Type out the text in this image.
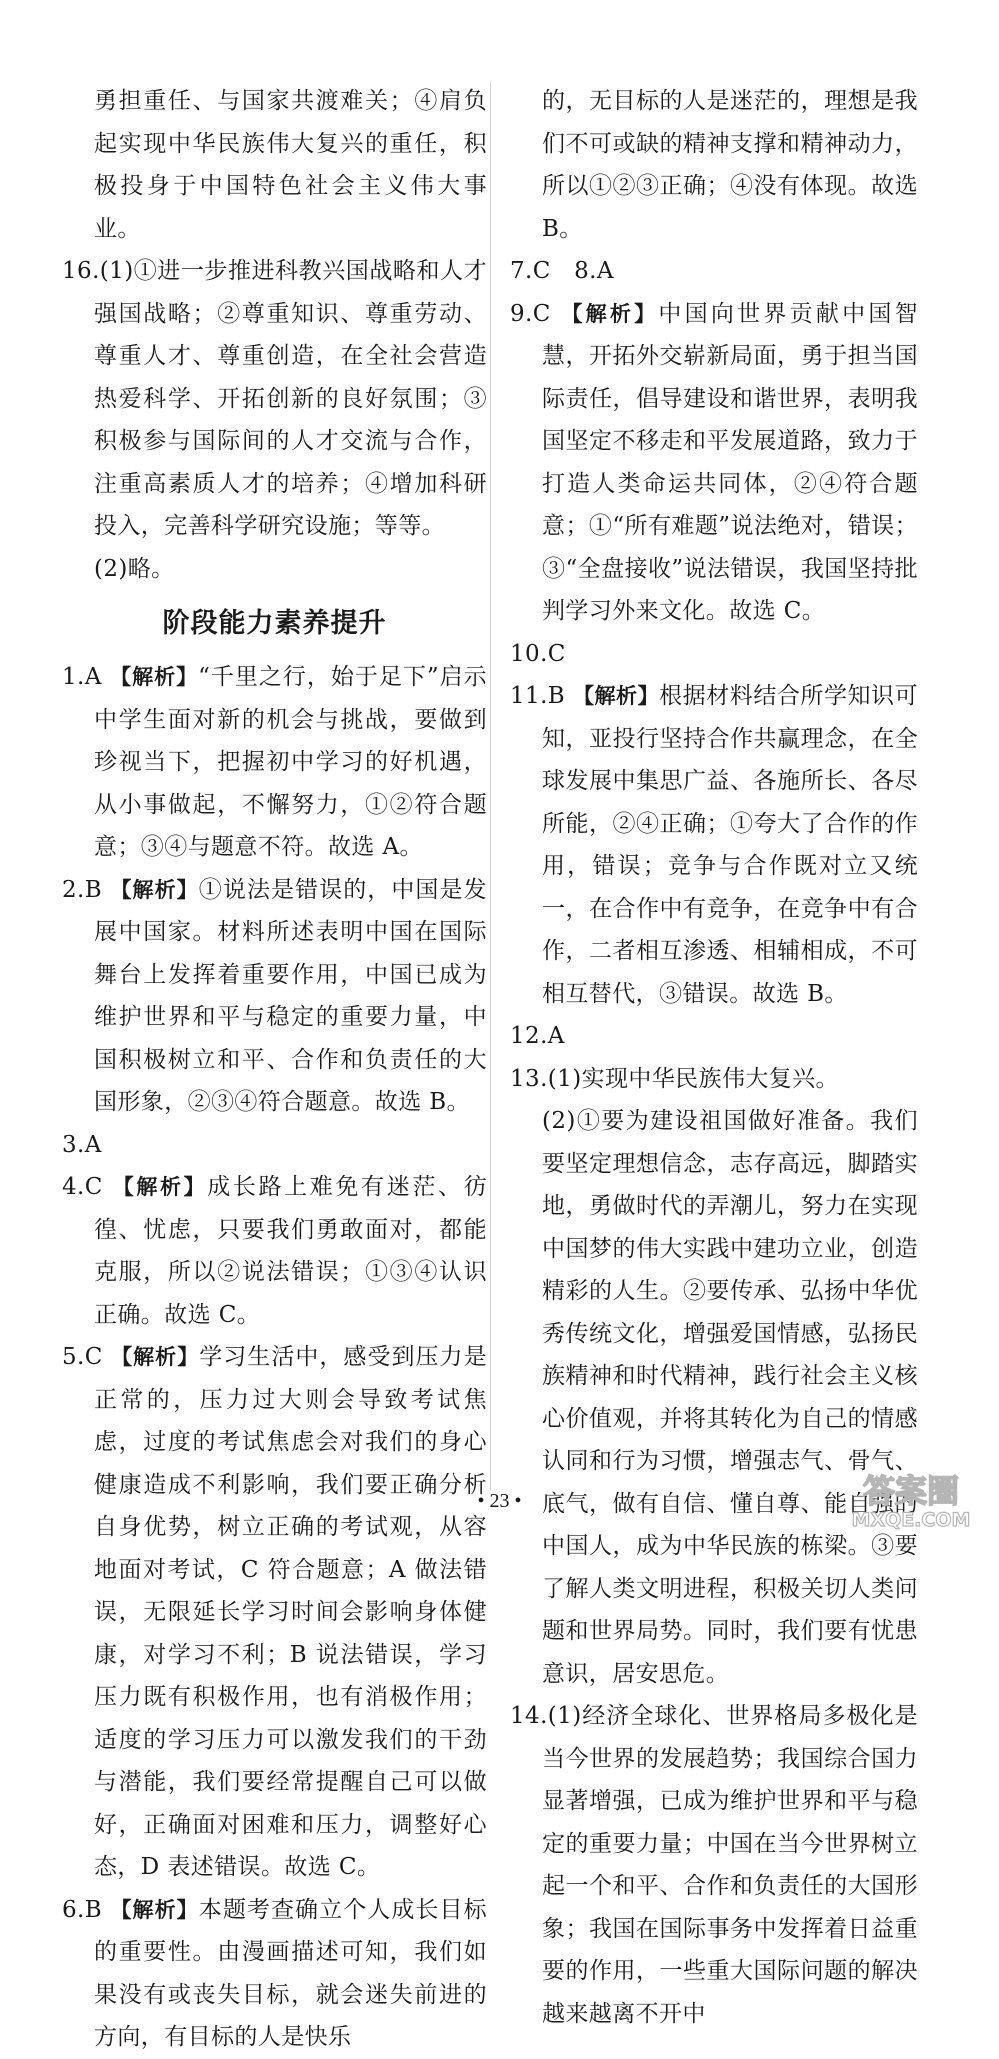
勇担重任、与国家共渡难关；④肩负起实现中华民族伟大复兴的重任，积极投身于中国特色社会主义伟大事业。

16.(1)①进一步推进科教兴国战略和人才强国战略；②尊重知识、尊重劳动、尊重人才、尊重创造，在全社会营造热爱科学、开拓创新的良好氛围；③积极参与国际间的人才交流与合作，注重高素质人才的培养；④增加科研投入，完善科学研究设施；等等。

(2)略。

阶段能力素养提升

1.A 【解析】“千里之行，始于足下”启示中学生面对新的机会与挑战，要做到珍视当下，把握初中学习的好机遇，从小事做起，不懈努力，①②符合题意；③④与题意不符。故选 A。

2.B 【解析】①说法是错误的，中国是发展中国家。材料所述表明中国在国际舞台上发挥着重要作用，中国已成为维护世界和平与稳定的重要力量，中国积极树立和平、合作和负责任的大国形象，②③④符合题意。故选 B。

3.A

4.C 【解析】成长路上难免有迷茫、彷徨、忧虑，只要我们勇敢面对，都能克服，所以②说法错误；①③④认识正确。故选 C。

5.C 【解析】学习生活中，感受到压力是正常的，压力过大则会导致考试焦虑，过度的考试焦虑会对我们的身心健康造成不利影响，我们要正确分析自身优势，树立正确的考试观，从容地面对考试，C 符合题意；A 做法错误，无限延长学习时间会影响身体健康，对学习不利；B 说法错误，学习压力既有积极作用，也有消极作用；适度的学习压力可以激发我们的干劲与潜能，我们要经常提醒自己可以做好，正确面对困难和压力，调整好心态，D 表述错误。故选 C。

6.B 【解析】本题考查确立个人成长目标的重要性。由漫画描述可知，我们如果没有或丧失目标，就会迷失前进的方向，有目标的人是快乐

的，无目标的人是迷茫的，理想是我们不可或缺的精神支撑和精神动力，所以①②③正确；④没有体现。故选 B。

7.C　8.A

9.C 【解析】中国向世界贡献中国智慧，开拓外交崭新局面，勇于担当国际责任，倡导建设和谐世界，表明我国坚定不移走和平发展道路，致力于打造人类命运共同体，②④符合题意；①“所有难题”说法绝对，错误；③“全盘接收”说法错误，我国坚持批判学习外来文化。故选 C。

10.C

11.B 【解析】根据材料结合所学知识可知，亚投行坚持合作共赢理念，在全球发展中集思广益、各施所长、各尽所能，②④正确；①夸大了合作的作用，错误；竞争与合作既对立又统一，在合作中有竞争，在竞争中有合作，二者相互渗透、相辅相成，不可相互替代，③错误。故选 B。

12.A

13.(1)实现中华民族伟大复兴。

(2)①要为建设祖国做好准备。我们要坚定理想信念，志存高远，脚踏实地，勇做时代的弄潮儿，努力在实现中国梦的伟大实践中建功立业，创造精彩的人生。②要传承、弘扬中华优秀传统文化，增强爱国情感，弘扬民族精神和时代精神，践行社会主义核心价值观，并将其转化为自己的情感认同和行为习惯，增强志气、骨气、底气，做有自信、懂自尊、能自强的中国人，成为中华民族的栋梁。③要了解人类文明进程，积极关切人类问题和世界局势。同时，我们要有忧患意识，居安思危。

14.(1)经济全球化、世界格局多极化是当今世界的发展趋势；我国综合国力显著增强，已成为维护世界和平与稳定的重要力量；中国在当今世界树立起一个和平、合作和负责任的大国形象；我国在国际事务中发挥着日益重要的作用，一些重大国际问题的解决越来越离不开中

• 23 •	答案圈
MXQE.COM
